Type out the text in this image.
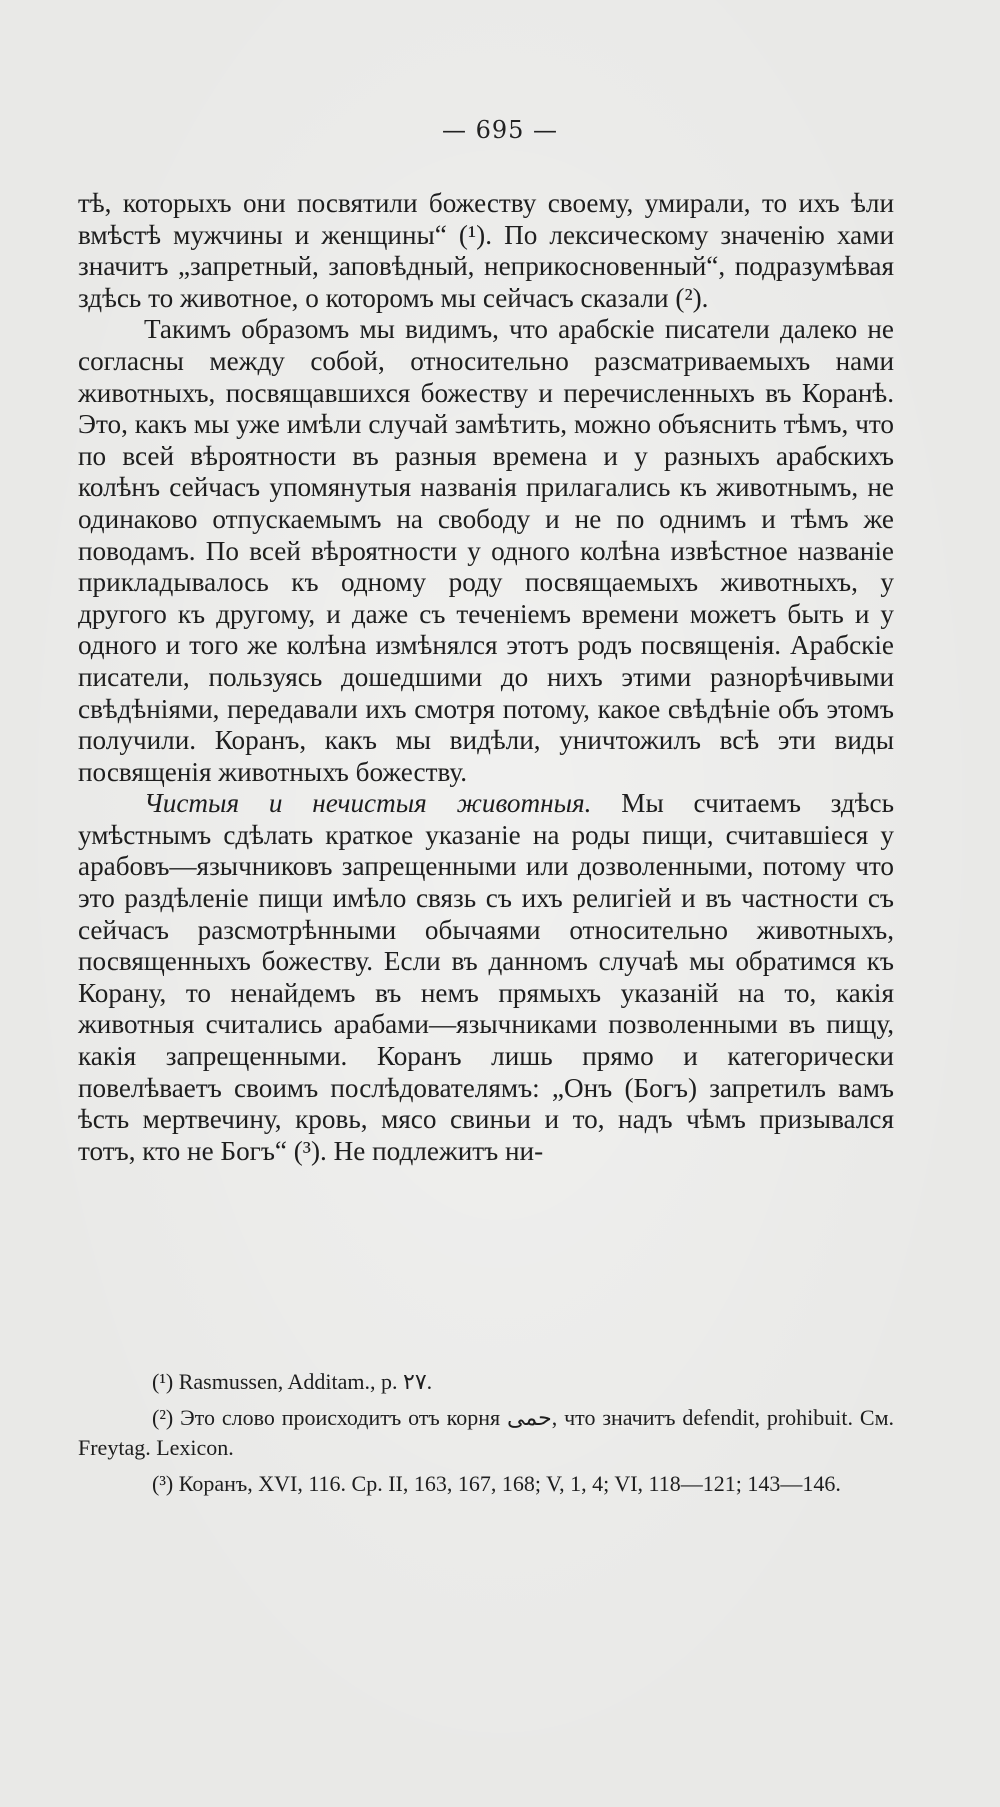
— 695 —

тѣ, которыхъ они посвятили божеству своему, умирали, то ихъ ѣли вмѣстѣ мужчины и женщины“ (¹). По лексическому значенію хами значитъ „запретный, заповѣдный, неприкосновенный“, подразумѣвая здѣсь то животное, о которомъ мы сейчасъ сказали (²).

Такимъ образомъ мы видимъ, что арабскіе писатели далеко не согласны между собой, относительно разсматриваемыхъ нами животныхъ, посвящавшихся божеству и перечисленныхъ въ Коранѣ. Это, какъ мы уже имѣли случай замѣтить, можно объяснить тѣмъ, что по всей вѣроятности въ разныя времена и у разныхъ арабскихъ колѣнъ сейчасъ упомянутыя названія прилагались къ животнымъ, не одинаково отпускаемымъ на свободу и не по однимъ и тѣмъ же поводамъ. По всей вѣроятности у одного колѣна извѣстное названіе прикладывалось къ одному роду посвящаемыхъ животныхъ, у другого къ другому, и даже съ теченіемъ времени можетъ быть и у одного и того же колѣна измѣнялся этотъ родъ посвященія. Арабскіе писатели, пользуясь дошедшими до нихъ этими разнорѣчивыми свѣдѣніями, передавали ихъ смотря потому, какое свѣдѣніе объ этомъ получили. Коранъ, какъ мы видѣли, уничтожилъ всѣ эти виды посвященія животныхъ божеству.

Чистыя и нечистыя животныя. Мы считаемъ здѣсь умѣстнымъ сдѣлать краткое указаніе на роды пищи, считавшіеся у арабовъ—язычниковъ запрещенными или дозволенными, потому что это раздѣленіе пищи имѣло связь съ ихъ религіей и въ частности съ сейчасъ разсмотрѣнными обычаями относительно животныхъ, посвященныхъ божеству. Если въ данномъ случаѣ мы обратимся къ Корану, то ненайдемъ въ немъ прямыхъ указаній на то, какія животныя считались арабами—язычниками позволенными въ пищу, какія запрещенными. Коранъ лишь прямо и категорически повелѣваетъ своимъ послѣдователямъ: „Онъ (Богъ) запретилъ вамъ ѣсть мертвечину, кровь, мясо свиньи и то, надъ чѣмъ призывался тотъ, кто не Богъ“ (³). Не подлежитъ ни-

(¹) Rasmussen, Additam., p. ٢٧.

(²) Это слово происходитъ отъ корня حمى, что значитъ defendit, prohibuit. См. Freytag. Lexicon.

(³) Коранъ, XVI, 116. Ср. II, 163, 167, 168; V, 1, 4; VI, 118—121; 143—146.
